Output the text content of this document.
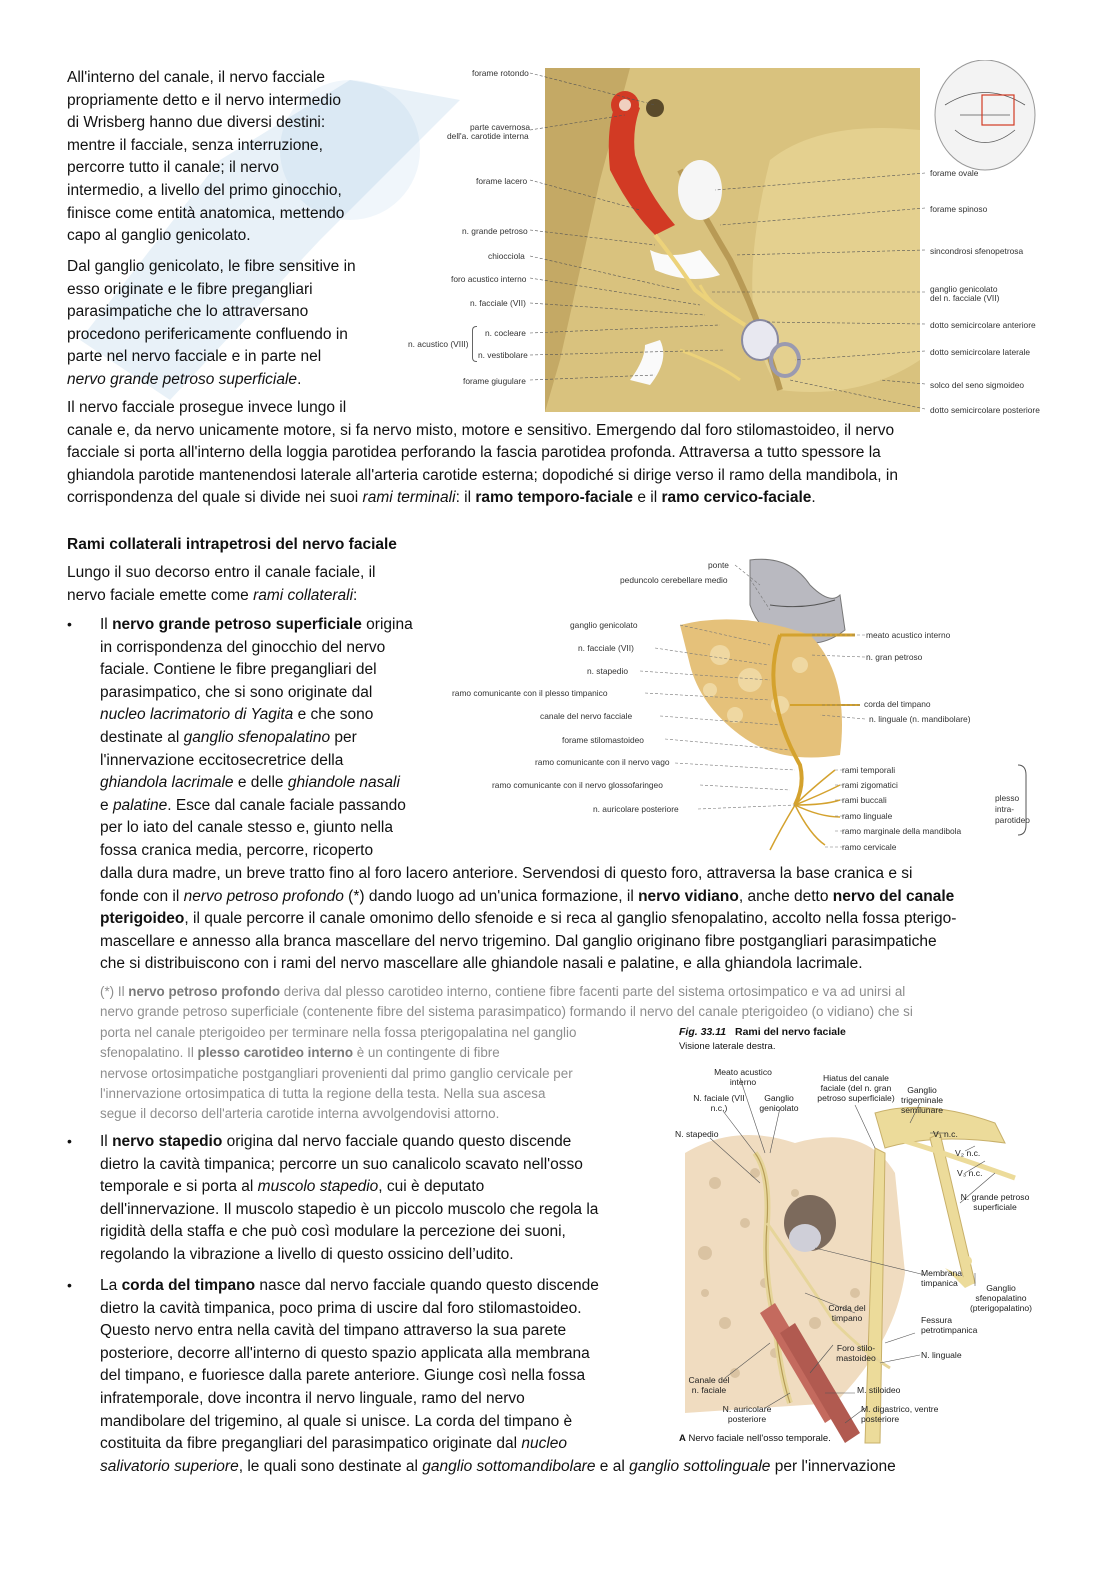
All'interno del canale, il nervo facciale
propriamente detto e il nervo intermedio
di Wrisberg hanno due diversi destini:
mentre il facciale, senza interruzione,
percorre tutto il canale; il nervo
intermedio, a livello del primo ginocchio,
finisce come entità anatomica, mettendo
capo al ganglio genicolato.
Dal ganglio genicolato, le fibre sensitive in
esso originate e le fibre pregangliari
parasimpatiche che lo attraversano
procedono perifericamente confluendo in
parte nel nervo facciale e in parte nel
nervo grande petroso superficiale.
Il nervo facciale prosegue invece lungo il
canale e, da nervo unicamente motore, si fa nervo misto, motore e sensitivo. Emergendo dal foro stilomastoideo, il nervo
facciale si porta all'interno della loggia parotidea perforando la fascia parotidea profonda. Attraversa a tutto spessore la
ghiandola parotide mantenendosi laterale all'arteria carotide esterna; dopodiché si dirige verso il ramo della mandibola, in
corrispondenza del quale si divide nei suoi rami terminali: il ramo temporo-faciale e il ramo cervico-faciale.
forame rotondo
parte cavernosa
dell'a. carotide interna
forame lacero
n. grande petroso
chiocciola
foro acustico interno
n. facciale (VII)
n. cocleare
n. acustico (VIII)
n. vestibolare
forame giugulare
forame ovale
forame spinoso
sincondrosi sfenopetrosa
ganglio genicolato
del n. facciale (VII)
dotto semicircolare anteriore
dotto semicircolare laterale
solco del seno sigmoideo
dotto semicircolare posteriore
Rami collaterali intrapetrosi del nervo faciale
Lungo il suo decorso entro il canale faciale, il
nervo faciale emette come rami collaterali:
• Il nervo grande petroso superficiale origina
in corrispondenza del ginocchio del nervo
faciale. Contiene le fibre pregangliari del
parasimpatico, che si sono originate dal
nucleo lacrimatorio di Yagita e che sono
destinate al ganglio sfenopalatino per
l'innervazione eccitosecretrice della
ghiandola lacrimale e delle ghiandole nasali
e palatine. Esce dal canale faciale passando
per lo iato del canale stesso e, giunto nella
fossa cranica media, percorre, ricoperto
dalla dura madre, un breve tratto fino al foro lacero anteriore. Servendosi di questo foro, attraversa la base cranica e si
fonde con il nervo petroso profondo (*) dando luogo ad un'unica formazione, il nervo vidiano, anche detto nervo del canale
pterigoideo, il quale percorre il canale omonimo dello sfenoide e si reca al ganglio sfenopalatino, accolto nella fossa pterigo-
mascellare e annesso alla branca mascellare del nervo trigemino. Dal ganglio originano fibre postgangliari parasimpatiche
che si distribuiscono con i rami del nervo mascellare alle ghiandole nasali e palatine, e alla ghiandola lacrimale.
ponte
peduncolo cerebellare medio
ganglio genicolato
n. facciale (VII)
n. stapedio
ramo comunicante con il plesso timpanico
canale del nervo facciale
forame stilomastoideo
ramo comunicante con il nervo vago
ramo comunicante con il nervo glossofaringeo
n. auricolare posteriore
meato acustico interno
n. gran petroso
corda del timpano
n. linguale (n. mandibolare)
rami temporali
rami zigomatici
rami buccali
ramo linguale
ramo marginale della mandibola
ramo cervicale
plesso
intra-
parotideo
(*) Il nervo petroso profondo deriva dal plesso carotideo interno, contiene fibre facenti parte del sistema ortosimpatico e va ad unirsi al
nervo grande petroso superficiale (contenente fibre del sistema parasimpatico) formando il nervo del canale pterigoideo (o vidiano) che si
porta nel canale pterigoideo per terminare nella fossa pterigopalatina nel ganglio
sfenopalatino. Il plesso carotideo interno è un contingente di fibre
nervose ortosimpatiche postgangliari provenienti dal primo ganglio cervicale per
l'innervazione ortosimpatica di tutta la regione della testa. Nella sua ascesa
segue il decorso dell'arteria carotide interna avvolgendovisi attorno.
Fig. 33.11 Rami del nervo faciale
Visione laterale destra.
Meato acustico interno
N. faciale (VII n.c.)
Ganglio genicolato
Hiatus del canale faciale (del n. gran petroso superficiale)
Ganglio trigeminale semilunare
N. stapedio	V₁ n.c.
V₂ n.c.
V₃ n.c.
N. grande petroso superficiale
Membrana timpanica	Ganglio sfenopalatino (pterigopalatino)
Corda del timpano	Fessura petrotimpanica
Foro stilo-mastoideo	N. linguale
Canale del n. faciale	M. stiloideo
N. auricolare posteriore
M. digastrico, ventre posteriore
A Nervo faciale nell'osso temporale.
• Il nervo stapedio origina dal nervo facciale quando questo discende
dietro la cavità timpanica; percorre un suo canalicolo scavato nell'osso
temporale e si porta al muscolo stapedio, cui è deputato
dell'innervazione. Il muscolo stapedio è un piccolo muscolo che regola la
rigidità della staffa e che può così modulare la percezione dei suoni,
regolando la vibrazione a livello di questo ossicino dell’udito.
• La corda del timpano nasce dal nervo facciale quando questo discende
dietro la cavità timpanica, poco prima di uscire dal foro stilomastoideo.
Questo nervo entra nella cavità del timpano attraverso la sua parete
posteriore, decorre all'interno di questo spazio applicata alla membrana
del timpano, e fuoriesce dalla parete anteriore. Giunge così nella fossa
infratemporale, dove incontra il nervo linguale, ramo del nervo
mandibolare del trigemino, al quale si unisce. La corda del timpano è
costituita da fibre pregangliari del parasimpatico originate dal nucleo
salivatorio superiore, le quali sono destinate al ganglio sottomandibolare e al ganglio sottolinguale per l'innervazione
